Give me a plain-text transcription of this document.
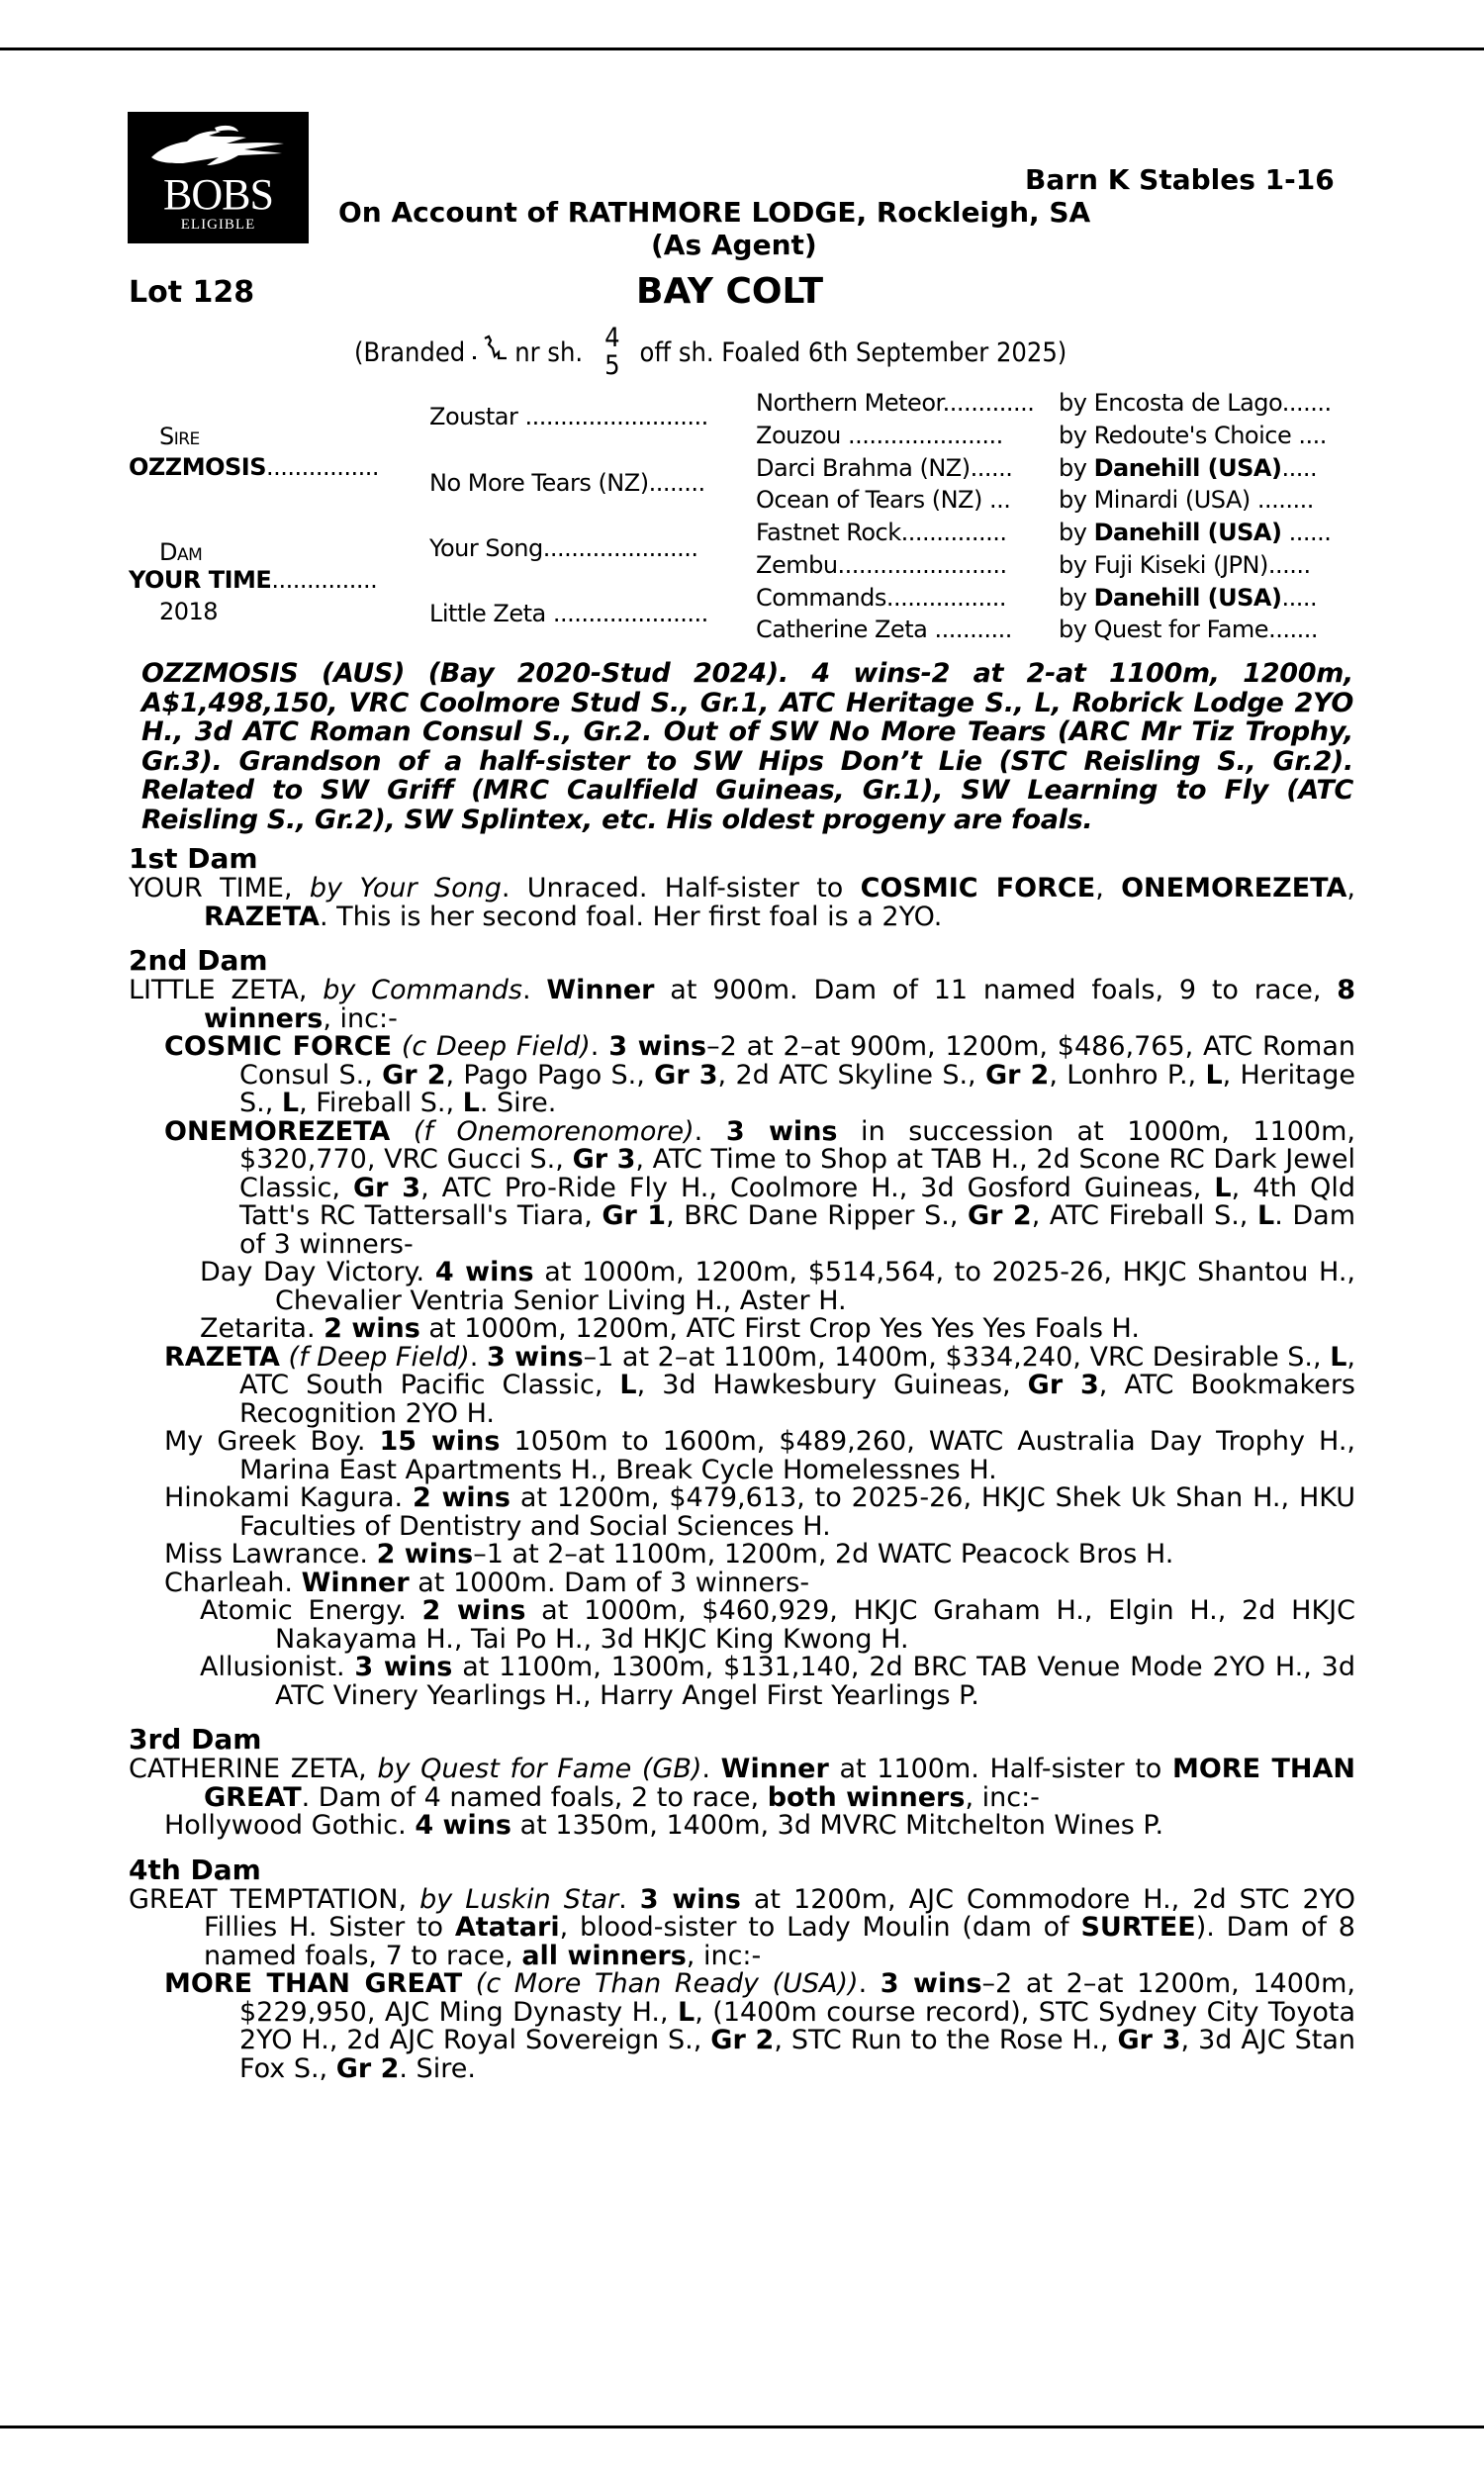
BOBS
ELIGIBLE
Barn K Stables 1-16
On Account of RATHMORE LODGE, Rockleigh, SA
(As Agent)
Lot 128	BAY COLT
(Branded nr sh. 4
5 off sh. Foaled 6th September 2025)
Sire
OZZMOSIS................
Dam
YOUR TIME...............
2018
Zoustar ..........................
No More Tears (NZ)........
Your Song......................
Little Zeta ......................
Northern Meteor............. by Encosta de Lago.......
Zouzou ...................... by Redoute's Choice ....
Darci Brahma (NZ)...... by Danehill (USA).....
Ocean of Tears (NZ) ... by Minardi (USA) ........
Fastnet Rock............... by Danehill (USA) ......
Zembu........................ by Fuji Kiseki (JPN)......
Commands................. by Danehill (USA).....
Catherine Zeta ........... by Quest for Fame.......
OZZMOSIS (AUS) (Bay 2020-Stud 2024). 4 wins-2 at 2-at 1100m, 1200m, A$1,498,150, VRC Coolmore Stud S., Gr.1, ATC Heritage S., L, Robrick Lodge 2YO H., 3d ATC Roman Consul S., Gr.2. Out of SW No More Tears (ARC Mr Tiz Trophy, Gr.3). Grandson of a half-sister to SW Hips Don’t Lie (STC Reisling S., Gr.2). Related to SW Griff (MRC Caulfield Guineas, Gr.1), SW Learning to Fly (ATC Reisling S., Gr.2), SW Splintex, etc. His oldest progeny are foals.
1st Dam

YOUR TIME, by Your Song. Unraced. Half-sister to COSMIC FORCE, ONEMOREZETA, RAZETA. This is her second foal. Her first foal is a 2YO.

2nd Dam

LITTLE ZETA, by Commands. Winner at 900m. Dam of 11 named foals, 9 to race, 8 winners, inc:-

COSMIC FORCE (c Deep Field). 3 wins–2 at 2–at 900m, 1200m, $486,765, ATC Roman Consul S., Gr 2, Pago Pago S., Gr 3, 2d ATC Skyline S., Gr 2, Lonhro P., L, Heritage S., L, Fireball S., L. Sire.

ONEMOREZETA (f Onemorenomore). 3 wins in succession at 1000m, 1100m, $320,770, VRC Gucci S., Gr 3, ATC Time to Shop at TAB H., 2d Scone RC Dark Jewel Classic, Gr 3, ATC Pro-Ride Fly H., Coolmore H., 3d Gosford Guineas, L, 4th Qld Tatt's RC Tattersall's Tiara, Gr 1, BRC Dane Ripper S., Gr 2, ATC Fireball S., L. Dam of 3 winners-

Day Day Victory. 4 wins at 1000m, 1200m, $514,564, to 2025-26, HKJC Shantou H., Chevalier Ventria Senior Living H., Aster H.

Zetarita. 2 wins at 1000m, 1200m, ATC First Crop Yes Yes Yes Foals H.

RAZETA (f Deep Field). 3 wins–1 at 2–at 1100m, 1400m, $334,240, VRC Desirable S., L, ATC South Pacific Classic, L, 3d Hawkesbury Guineas, Gr 3, ATC Bookmakers Recognition 2YO H.

My Greek Boy. 15 wins 1050m to 1600m, $489,260, WATC Australia Day Trophy H., Marina East Apartments H., Break Cycle Homelessnes H.

Hinokami Kagura. 2 wins at 1200m, $479,613, to 2025-26, HKJC Shek Uk Shan H., HKU Faculties of Dentistry and Social Sciences H.

Miss Lawrance. 2 wins–1 at 2–at 1100m, 1200m, 2d WATC Peacock Bros H.

Charleah. Winner at 1000m. Dam of 3 winners-

Atomic Energy. 2 wins at 1000m, $460,929, HKJC Graham H., Elgin H., 2d HKJC Nakayama H., Tai Po H., 3d HKJC King Kwong H.

Allusionist. 3 wins at 1100m, 1300m, $131,140, 2d BRC TAB Venue Mode 2YO H., 3d ATC Vinery Yearlings H., Harry Angel First Yearlings P.

3rd Dam

CATHERINE ZETA, by Quest for Fame (GB). Winner at 1100m. Half-sister to MORE THAN GREAT. Dam of 4 named foals, 2 to race, both winners, inc:-

Hollywood Gothic. 4 wins at 1350m, 1400m, 3d MVRC Mitchelton Wines P.

4th Dam

GREAT TEMPTATION, by Luskin Star. 3 wins at 1200m, AJC Commodore H., 2d STC 2YO Fillies H. Sister to Atatari, blood-sister to Lady Moulin (dam of SURTEE). Dam of 8 named foals, 7 to race, all winners, inc:-

MORE THAN GREAT (c More Than Ready (USA)). 3 wins–2 at 2–at 1200m, 1400m, $229,950, AJC Ming Dynasty H., L, (1400m course record), STC Sydney City Toyota 2YO H., 2d AJC Royal Sovereign S., Gr 2, STC Run to the Rose H., Gr 3, 3d AJC Stan Fox S., Gr 2. Sire.
